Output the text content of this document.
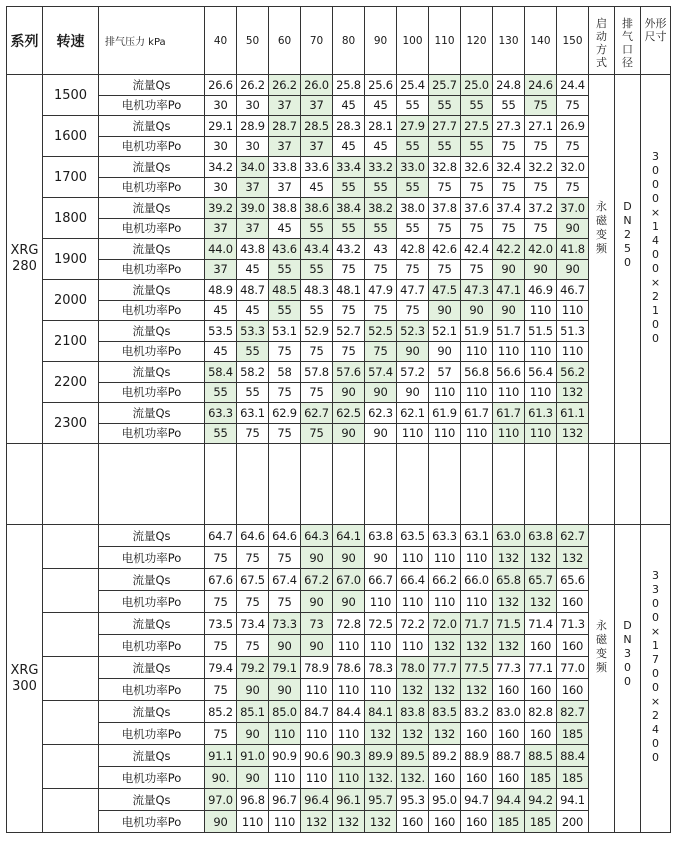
系列	转速	排气压力 kPa	40	50	60	70	80	90	100	110	120	130	140	150	启动方式	排气口径	外形尺寸
XRG 280	1500	流量Qs	26.6	26.2	26.2	26.0	25.8	25.6	25.4	25.7	25.0	24.8	24.6	24.4	永磁变频	DN250	3000×1400×2100

		电机功率Po	30	30	37	37	45	45	55	55	55	55	75	75			
	1600	流量Qs	29.1	28.9	28.7	28.5	28.3	28.1	27.9	27.7	27.5	27.3	27.1	26.9			
		电机功率Po	30	30	37	37	45	45	55	55	55	75	75	75			
	1700	流量Qs	34.2	34.0	33.8	33.6	33.4	33.2	33.0	32.8	32.6	32.4	32.2	32.0			
		电机功率Po	30	37	37	45	55	55	55	75	75	75	75	75			
	1800	流量Qs	39.2	39.0	38.8	38.6	38.4	38.2	38.0	37.8	37.6	37.4	37.2	37.0			
		电机功率Po	37	37	45	55	55	55	55	75	75	75	75	90			
	1900	流量Qs	44.0	43.8	43.6	43.4	43.2	43	42.8	42.6	42.4	42.2	42.0	41.8			
		电机功率Po	37	45	55	55	75	75	75	75	75	90	90	90			
	2000	流量Qs	48.9	48.7	48.5	48.3	48.1	47.9	47.7	47.5	47.3	47.1	46.9	46.7			
		电机功率Po	45	45	55	55	75	75	75	90	90	90	110	110			
	2100	流量Qs	53.5	53.3	53.1	52.9	52.7	52.5	52.3	52.1	51.9	51.7	51.5	51.3			
		电机功率Po	45	55	75	75	75	75	90	90	110	110	110	110			
	2200	流量Qs	58.4	58.2	58	57.8	57.6	57.4	57.2	57	56.8	56.6	56.4	56.2			
		电机功率Po	55	55	75	75	90	90	90	110	110	110	110	132			
	2300	流量Qs	63.3	63.1	62.9	62.7	62.5	62.3	62.1	61.9	61.7	61.7	61.3	61.1			
		电机功率Po	55	75	75	75	90	90	110	110	110	110	110	132			

XRG 300		流量Qs	64.7	64.6	64.6	64.3	64.1	63.8	63.5	63.3	63.1	63.0	63.8	62.7	永磁变频	DN300	3300×1700×2400

		电机功率Po	75	75	75	90	90	90	110	110	110	132	132	132			
		流量Qs	67.6	67.5	67.4	67.2	67.0	66.7	66.4	66.2	66.0	65.8	65.7	65.6			
		电机功率Po	75	75	75	90	90	110	110	110	110	132	132	160			
		流量Qs	73.5	73.4	73.3	73	72.8	72.5	72.2	72.0	71.7	71.5	71.4	71.3			
		电机功率Po	75	75	90	90	110	110	110	132	132	132	160	160			
		流量Qs	79.4	79.2	79.1	78.9	78.6	78.3	78.0	77.7	77.5	77.3	77.1	77.0			
		电机功率Po	75	90	90	110	110	110	132	132	132	160	160	160			
		流量Qs	85.2	85.1	85.0	84.7	84.4	84.1	83.8	83.5	83.2	83.0	82.8	82.7			
		电机功率Po	75	90	110	110	110	132	132	132	160	160	160	185			
		流量Qs	91.1	91.0	90.9	90.6	90.3	89.9	89.5	89.2	88.9	88.7	88.5	88.4			
		电机功率Po	90.	90	110	110	110	132.	132.	160	160	160	185	185			
		流量Qs	97.0	96.8	96.7	96.4	96.1	95.7	95.3	95.0	94.7	94.4	94.2	94.1			
		电机功率Po	90	110	110	132	132	132	160	160	160	185	185	200			
